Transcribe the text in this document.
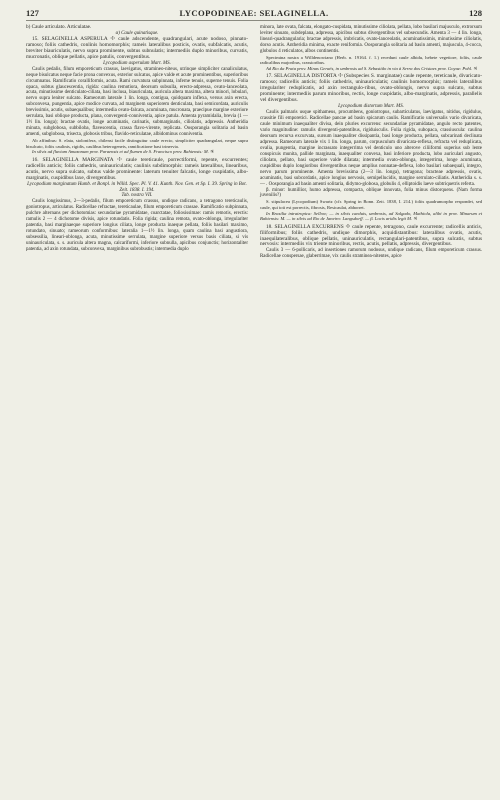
127	LYCOPODINEAE: SELAGINELLA.	128

b) Caule articulato. Articulatae.

α) Caule quinatisque.

15. SELAGINELLA ASPERULA ☩ caule adscendente, quadrangulari, acute nodoso, pinnato-ramoso; foliis cathedris, conlinis homomorphis; rameis lateralibus posticis, ovatis, subfalcatis, acutis, breviter biauriculatis, nervo supra prominente, subtus subnulatis; intermediis duplo minoribus, curvatis, mucronatis, oblique pellatis, apice patulis, convergentibus.

Lycopodium asperulum Mart. MS.

Caulis pedalis, filum emporeticum crassus, laevigatus, stramineo-niteus, utrinque simpliciter canaliculatus, neque bisulcatus neque facie prona convexus, exterior sulcatus, apice valde et acute prominentibus, superioribus circumnatus. Ramificatio coralliformis, acuta. Rami curvatura subpinnata, inferne tenuis, superne tenuis. Folia opaca, subtus glaucescentia, rigida: caulina remotiora, deorsum subsulla, erecto-adpressa, ovato-lanceolata, acuta, minutissime denticulato-ciliata, basi inclusa, biauriculata, auricula altera maxima, altera minori, lobulari, nervo supra leniter sulcato. Rameorum laterale 1 lin. longa, contigua, quidquam inflexa, versus axin erecta, subconvexa, pungentia, apice modice curvata, ad marginem superiorem denticulata, basi semicordata, auriculis brevissimis, acutis, subaequalibus; intermedia ovato-falcata, acuminata, mucronata, praecipue margine exteriore serrulata, basi oblique producta, plana, convergenti-conniventia, apice patula. Amenta pyramidalia, brevia (1 — 1½ lin. longa); bractae ovatis, longe acuminatis, carinatis, submarginatis, ciliolatis, adpressis. Antheridia minuta, subglobosa, subbiloba, flavescentia, crassa flavo-virente, replicata. Oosporangia solitaria ad basin amenti, subglobosa, trisecta, globosis tribus, flavido-reticulatae, albidominus conniventia.

Ab affinibus: S. elata, stolonifera, chilensi facile distinguitur caule erecto, simpliciter quadrangulari, neque supra bisulcato, foliis caulinis, rigidis, caulibus heterogeneis, ramificatione basi trinervia.

In silvis ad fluvium Amazonum prov. Paraensis et ad flumen de S. Francisco prov. Bahiensis: M. ♃

16. SELAGINELLA MARGINATA ☩ caule tereticaule, porrectiformi, repente, excurrentes; radicellis anticis; foliis cathedris, uninauriculatis; caulinis subdimorphis: rameis lateralibus, linearibus, acutis, nervo supra sulcato, subtus valde prominente: laterum tenuiter falcatis, longe cuspidatis, albo-marginatis, cuspidibus laxe, divergentibus.

Lycopodium marginatum Humb. et Bonpl. in Willd. Spec. Pl. V. 41. Kunth. Nov. Gen. et Sp. I. 39. Spring in Bot. Zeit. 1838. I. 194.

Tab. nostra VII.

Caulis longissimus, 2—3-pedalis, filum emporeticum crassus, undique radicans, a tetragono tereticaulis, goniotropus, articulatus. Radicellae refractae, tereticaulae, filum emporeticum crassae. Ramificatio subpinnata, pulchre alternans per dichotomias: secundariae pyramidatae, coarctatae, foliosissimae: ramis remotis, erectis: ramulis 2 — 4 dichotome divisis, apice rotundatis. Folia rigida; caulina remota, ovato-oblonga, irregulariter patentia, basi marginaeque superiore longius ciliata, longe producta inaeque pellata, foliis basilari maximo, rotundato, sinuato; rameorum conformibus: lateralia 1—1½ lin. longa, quam caulina basi angustiora, subsessilia, lineari-oblonga, acuta, minutissime serrulata, margine superiore versus basis ciliata, si vis uninauriculata, s. s. auricula altera magna, calcariformi, inferiore subnulla, apicibus conjunctis; horizontaliter patentia, ad axin rotundata, subconvexa, marginibus subrobustis; intermedia duplo

minora, late ovata, falcata, elongato-cuspidata, minutissime ciliolata, pellata, lobo basilari majusculo, extrorsum leviter sinuato, subdeplana, adpressa, apicibus subtus divergentibus vel subsecundis. Amenta 3 — 4 lin. longa, lineari-quadrangularia; bractae adpressis, imbricatis, ovato-lanceolatis, acuminatissimis, minutissime ciliolatis, dorso acutis. Antheridia minima, exacte reniformia. Oosporangia solitaria ad basin amenti, majuscula, 4-cocca, globulos 4 reticulatos, albos continentis.

Specimina nostra a Willdenowiano (Herb. n. 19164. f. 1.) recedunt caule albidu, hebete vegetiore, foliis, caule radicalibus majoribus, crassioribus.

Ad Rio da Prata prov. Minas Geraës, in umbrosis ad S. Sebastião in via à Serra dos Cristaes prov. Goyaz: Pohl. ♃

17. SELAGINELLA DISTORTA ☩ (Subspecies S. marginatae) caule repente, tereticaule, divaricato-ramoso; radicellis anticis; foliis cathedris, uninauriculatis; caulinis homomorphis; rameis lateralibus irregulariter reduplicatis, ad axin rectangulo-ribus, ovato-oblongis, nervo supra sulcato, subtus prominente; intermediis parum minoribus, rectis, longe cuspidatis, albo-marginatis, adpressis, parallelis vel divergentibus.

Lycopodium distortum Mart. MS.

Caulis palmaris usque spithameus, procumbens, goniotropus, subarticulatus, laevigatus, nitidus, rigidulus, crassitie fili emporetici. Radicellae pancae ad basin spicarum caulis. Ramificatio universalis vario divaricata, caule minimum inaequaliter divisa, dein pluries excurrens: secundariae pyramidatae, angulo recto patentes, vario magnitudine: ramulis divergenti-patentibus, rigiduisculis. Folia rigida, subopaca, crassiuscula: caulina deorsum recurva excurvata, sursum inaequaliter dissipantia, basi longe producta, pellata, subcarinati declinata adpressa. Rameorum laterale vix 1 lin. longa, parum, corpusculum divaricata-reflexa, refracta vel reduplicata, ovalia, pungentia, margine incrassato integerrima vel denticulo uno alterove ciliiformi superius sub lente conspicuis munita, pallide marginata, inaequaliter convexa, basi inferiore producta, lobo auriculari angusto, ciliolato, pellato, basi superiore valde dilatata; intermedia ovato-oblonga, integerrima, longe acuminata, cuspidibus duplo longioribus divergentibus neque amplius nonnatae-deflexa, lobo basilari subaequali, integro, nervo parum prominente. Amenta brevissima (2—3 lin. longa), tetragona; bracteae adpressis, ovatis, acuminatis, basi subcordatis, apice longius nervosis, semipellucidis, margine serrulato-ciliatis. Antheridia s. s. — . Oosporangia ad basin amenti solitaria, didymo-globosa, globulis 4, elliptoidis laeve subtriquetris referta.

β. minor: humillior, humo adpressa, compacta, oblique innovata, folia minus distorquens. (Nam forma juvenilis?)

S. stipulacea (Lycopodium) Swartz (cfr. Spring in Bonn. Zeit. 1838, I. 214.) foliis quadrumorpho respondet, sed caule, qui toti est porrectis, fibrosis, Resicaulat, abhorret.

In Brasilia intratropica: Sellow; — in silvis caeduis, umbrosis, ad Salgado, Mathiola, alibi in prov. Minarum et Bahiensis: M. — in silvis ad Rio de Janeiro: Langsdorff. — β. Locis aridis legit M. ♃

18. SELAGINELLA EXCURRENS ☩ caule repente, tetragono, caule excurrente; radicellis anticis, filiformibus; foliis cathedris, undique dimorphis, acquidistantibus: lateralibus ovatis, acutis, inaequilateralibus, oblique pellatis, uninauriculatis, rectangulari-patentibus, supra sulcatis, subtus nervosis: intermediis vix triente minoribus, rectis, acutis, pellatis, adpressis, divergentibus.

Caulis 3 — 6-pollicaris, ad insertiones ramorum nodosus, undique radicans, filum emporeticum crassus. Radicellae conspersae, glaberrimae, vix caulis straminea-nitentes, apice
